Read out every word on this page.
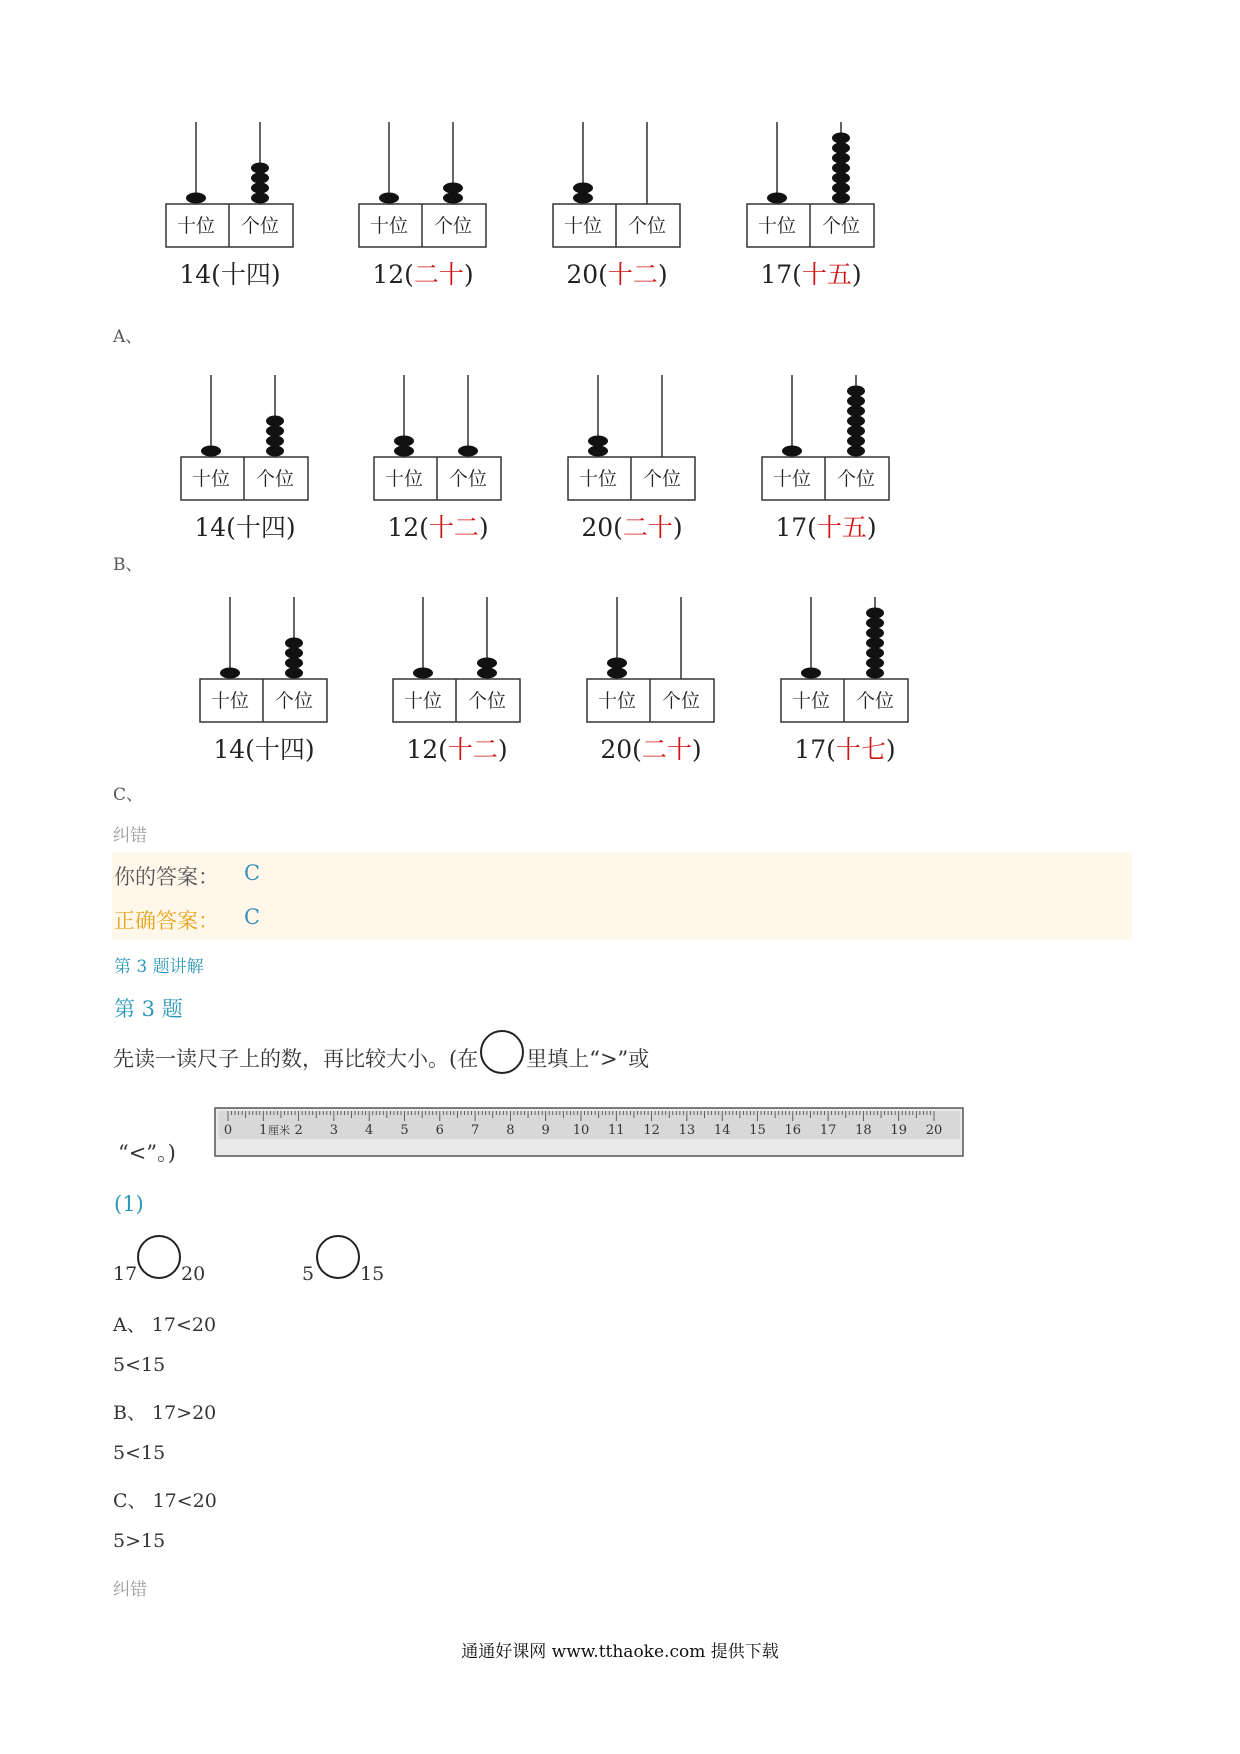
十位 个位
14(十四)
十位 个位
12(二十)
十位 个位
20(十二)
十位 个位
17(十五)
A、
十位 个位
14(十四)
十位 个位
12(十二)
十位 个位
20(二十)
十位 个位
17(十五)
B、
十位 个位
14(十四)
十位 个位
12(十二)
十位 个位
20(二十)
十位 个位
17(十七)
C、
纠错
你的答案： C
正确答案： C
第 3 题讲解
第 3 题
先读一读尺子上的数，再比较大小。(在 里填上“>”或
“<”。)
0 1 2 3 4 5 6 7 8 9 10 11 12 13 14 15 16 17 18 19 20
厘米
(1)
17 20	5 15
A、 17<20
5<15
B、 17>20
5<15
C、 17<20
5>15
纠错
通通好课网 www.tthaoke.com 提供下载
